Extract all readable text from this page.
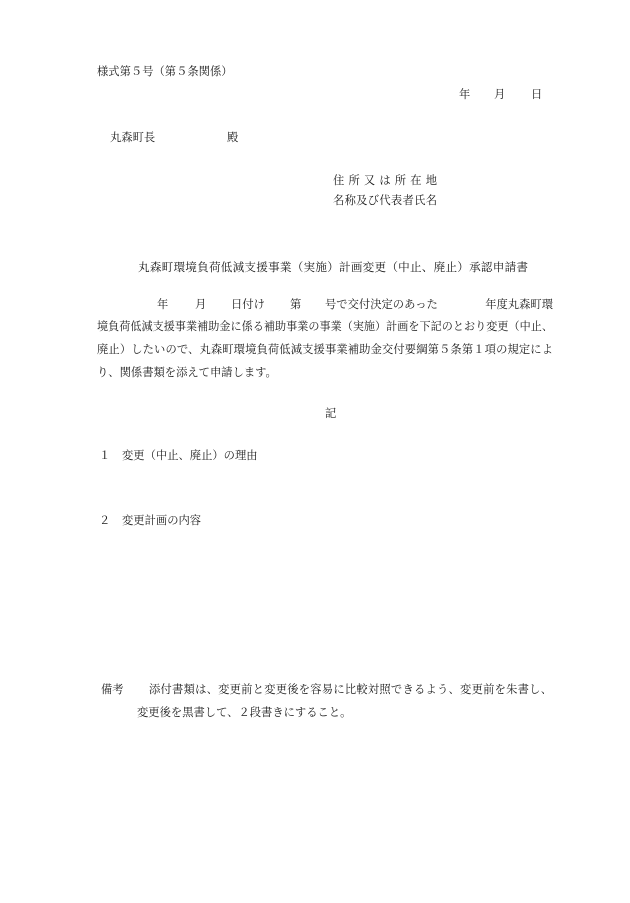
様式第５号（第５条関係）
年 月 日
丸森町長	殿
住 所 又 は 所 在 地
名称及び代表者氏名
丸森町環境負荷低減支援事業（実施）計画変更（中止、廃止）承認申請書
年 月 日付け 第 号で交付決定のあった	年度丸森町環
境負荷低減支援事業補助金に係る補助事業の事業（実施）計画を下記のとおり変更（中止、
廃止）したいので、丸森町環境負荷低減支援事業補助金交付要綱第５条第１項の規定によ
り、関係書類を添えて申請します。
記
１ 変更（中止、廃止）の理由
２ 変更計画の内容
備考 添付書類は、変更前と変更後を容易に比較対照できるよう、変更前を朱書し、
変更後を黒書して、２段書きにすること。
